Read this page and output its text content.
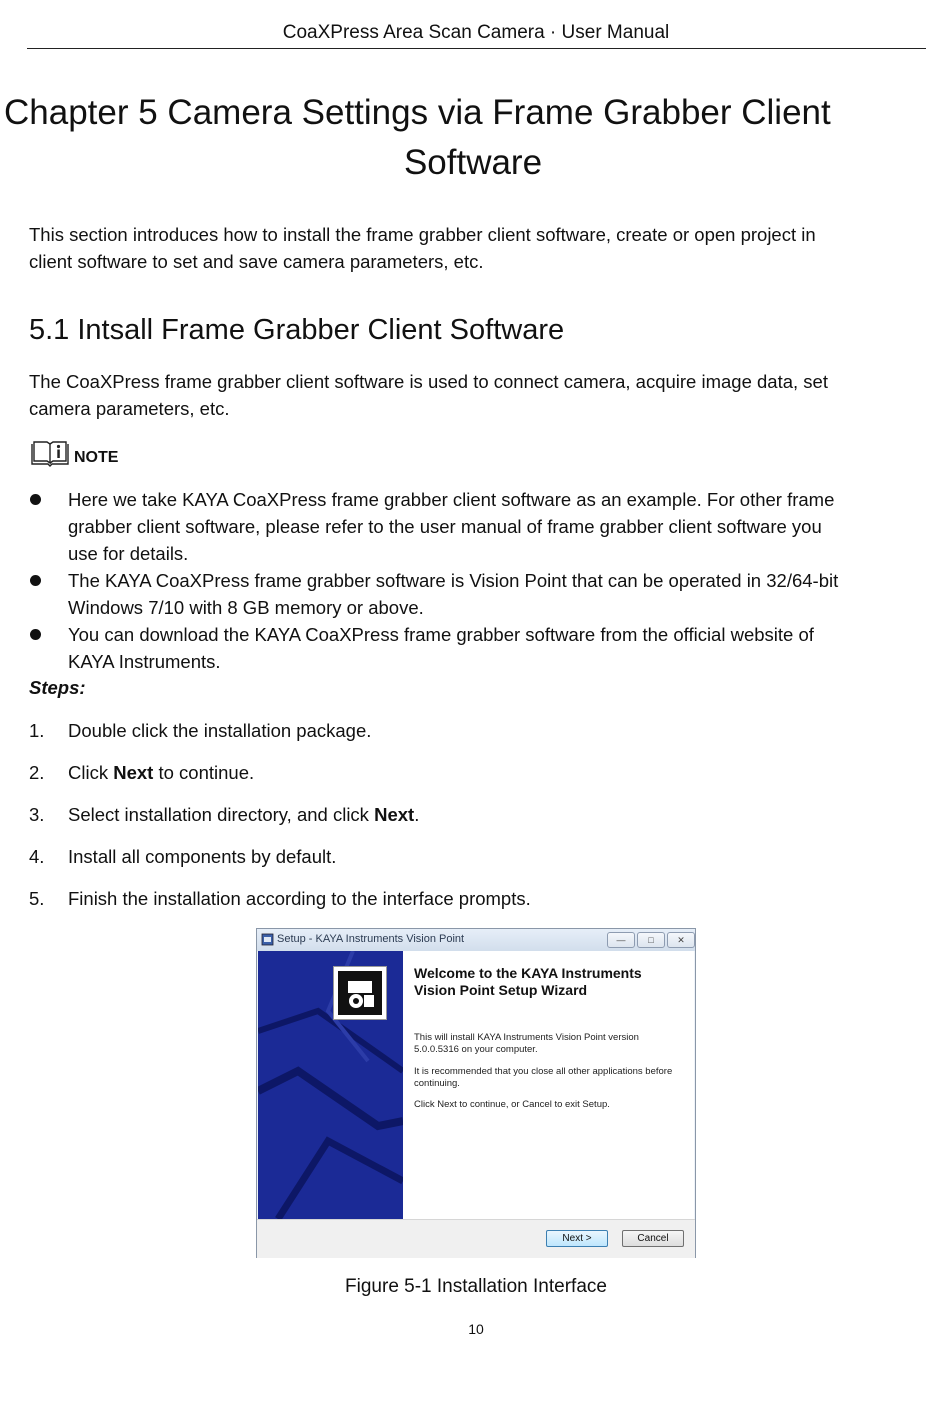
CoaXPress Area Scan Camera · User Manual
Chapter 5 Camera Settings via Frame Grabber Client
Software
This section introduces how to install the frame grabber client software, create or open project in
client software to set and save camera parameters, etc.
5.1 Intsall Frame Grabber Client Software
The CoaXPress frame grabber client software is used to connect camera, acquire image data, set
camera parameters, etc.
NOTE
Here we take KAYA CoaXPress frame grabber client software as an example. For other frame
grabber client software, please refer to the user manual of frame grabber client software you
use for details.
The KAYA CoaXPress frame grabber software is Vision Point that can be operated in 32/64-bit
Windows 7/10 with 8 GB memory or above.
You can download the KAYA CoaXPress frame grabber software from the official website of
KAYA Instruments.
Steps:
1. Double click the installation package.
2. Click Next to continue.
3. Select installation directory, and click Next.
4. Install all components by default.
5. Finish the installation according to the interface prompts.
Setup - KAYA Instruments Vision Point	—	□	✕
Welcome to the KAYA Instruments Vision Point Setup Wizard
This will install KAYA Instruments Vision Point version
5.0.0.5316 on your computer.
It is recommended that you close all other applications before
continuing.
Click Next to continue, or Cancel to exit Setup.
Next >	Cancel
Figure 5-1 Installation Interface
10
